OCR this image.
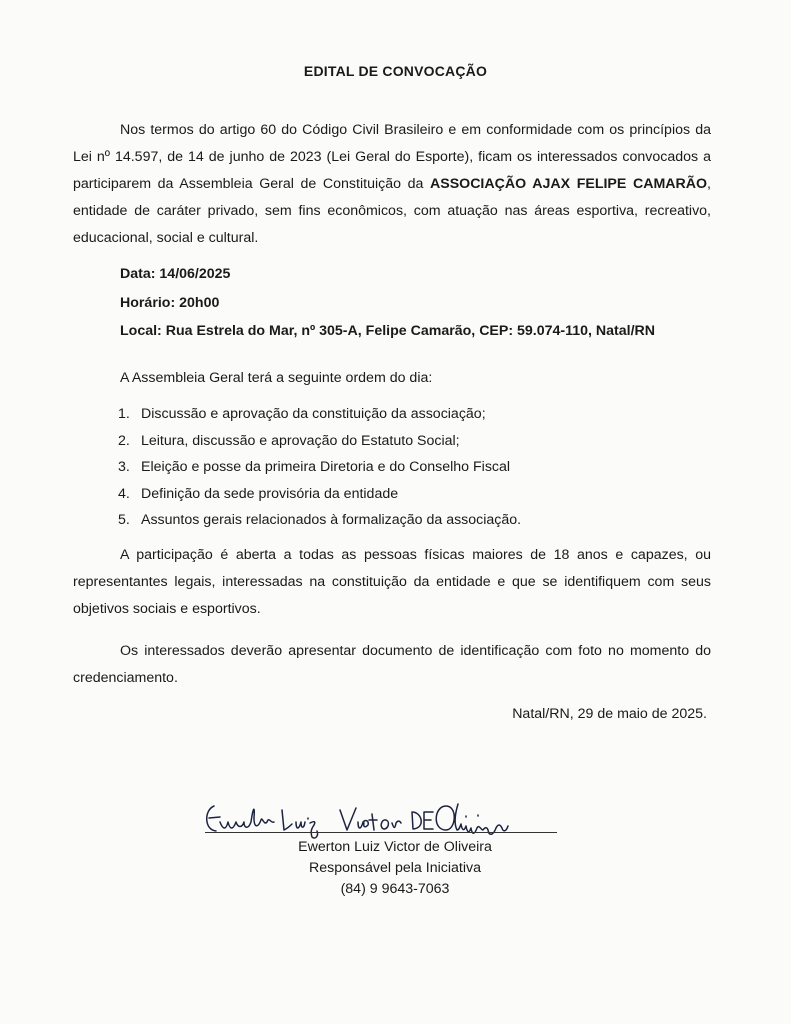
EDITAL DE CONVOCAÇÃO

Nos termos do artigo 60 do Código Civil Brasileiro e em conformidade com os princípios da Lei nº 14.597, de 14 de junho de 2023 (Lei Geral do Esporte), ficam os interessados convocados a participarem da Assembleia Geral de Constituição da ASSOCIAÇÃO AJAX FELIPE CAMARÃO, entidade de caráter privado, sem fins econômicos, com atuação nas áreas esportiva, recreativo, educacional, social e cultural.

Data: 14/06/2025
Horário: 20h00
Local: Rua Estrela do Mar, nº 305-A, Felipe Camarão, CEP: 59.074-110, Natal/RN
A Assembleia Geral terá a seguinte ordem do dia:
1. Discussão e aprovação da constituição da associação;
2. Leitura, discussão e aprovação do Estatuto Social;
3. Eleição e posse da primeira Diretoria e do Conselho Fiscal
4. Definição da sede provisória da entidade
5. Assuntos gerais relacionados à formalização da associação.

A participação é aberta a todas as pessoas físicas maiores de 18 anos e capazes, ou representantes legais, interessadas na constituição da entidade e que se identifiquem com seus objetivos sociais e esportivos.

Os interessados deverão apresentar documento de identificação com foto no momento do credenciamento.

Natal/RN, 29 de maio de 2025.
Ewerton Luiz Victor de Oliveira
Responsável pela Iniciativa
(84) 9 9643-7063
